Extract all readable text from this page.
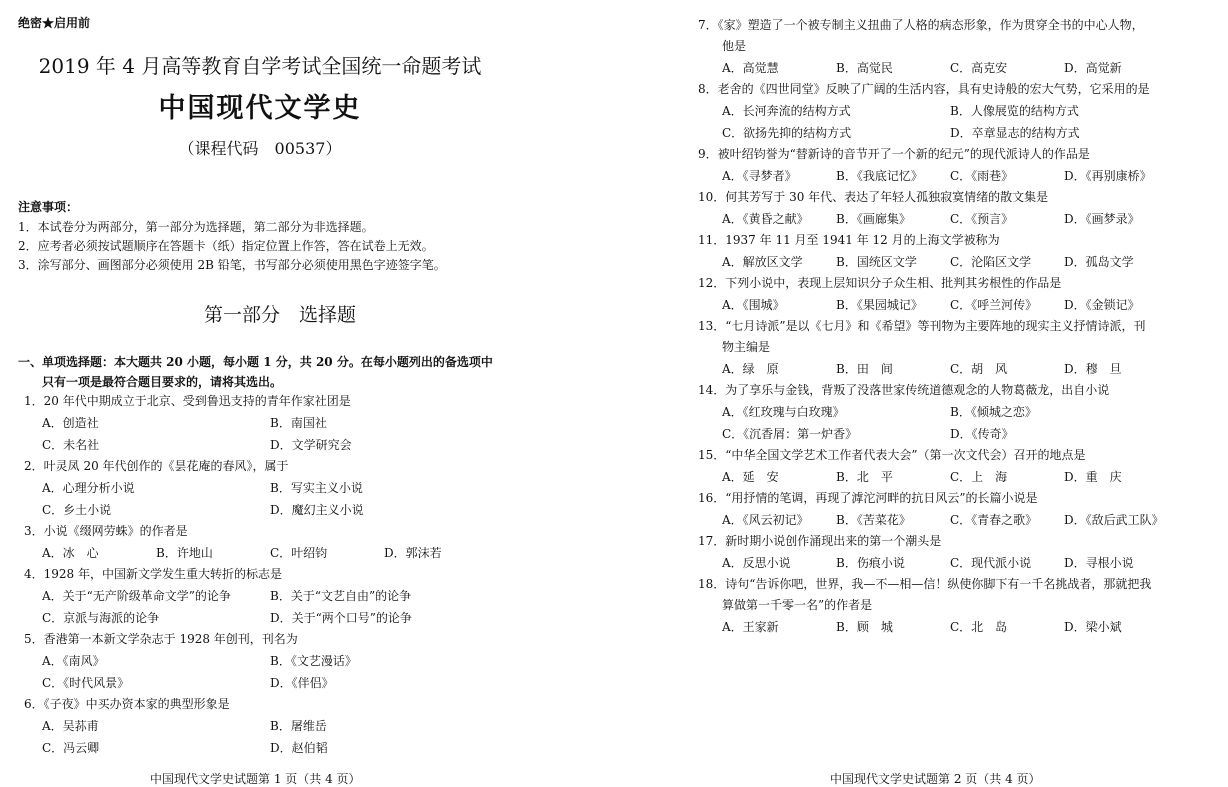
绝密★启用前
2019 年 4 月高等教育自学考试全国统一命题考试
中国现代文学史
（课程代码　00537）
注意事项：
1．本试卷分为两部分，第一部分为选择题，第二部分为非选择题。
2．应考者必须按试题顺序在答题卡（纸）指定位置上作答，答在试卷上无效。
3．涂写部分、画图部分必须使用 2B 铅笔，书写部分必须使用黑色字迹签字笔。
第一部分　选择题
一、单项选择题：本大题共 20 小题，每小题 1 分，共 20 分。在每小题列出的备选项中
只有一项是最符合题目要求的，请将其选出。
1．20 年代中期成立于北京、受到鲁迅支持的青年作家社团是
A．创造社	B．南国社
C．未名社	D．文学研究会
2．叶灵凤 20 年代创作的《昙花庵的春风》，属于
A．心理分析小说	B．写实主义小说
C．乡土小说	D．魔幻主义小说
3．小说《缀网劳蛛》的作者是
A．冰　心	B．许地山	C．叶绍钧	D．郭沫若
4．1928 年，中国新文学发生重大转折的标志是
A．关于“无产阶级革命文学”的论争	B．关于“文艺自由”的论争
C．京派与海派的论争	D．关于“两个口号”的论争
5．香港第一本新文学杂志于 1928 年创刊，刊名为
A．《南风》	B．《文艺漫话》
C．《时代风景》	D．《伴侣》
6．《子夜》中买办资本家的典型形象是
A．吴荪甫	B．屠维岳
C．冯云卿	D．赵伯韬
中国现代文学史试题第 1 页（共 4 页）
7．《家》塑造了一个被专制主义扭曲了人格的病态形象，作为贯穿全书的中心人物，
他是
A．高觉慧	B．高觉民	C．高克安	D．高觉新
8．老舍的《四世同堂》反映了广阔的生活内容，具有史诗般的宏大气势，它采用的是
A．长河奔流的结构方式	B．人像展览的结构方式
C．欲扬先抑的结构方式	D．卒章显志的结构方式
9．被叶绍钧誉为“替新诗的音节开了一个新的纪元”的现代派诗人的作品是
A．《寻梦者》	B．《我底记忆》 C．《雨巷》	D．《再别康桥》
10．何其芳写于 30 年代、表达了年轻人孤独寂寞情绪的散文集是
A．《黄昏之献》 B．《画廊集》	C．《预言》	D．《画梦录》
11．1937 年 11 月至 1941 年 12 月的上海文学被称为
A．解放区文学	B．国统区文学	C．沦陷区文学	D．孤岛文学
12．下列小说中，表现上层知识分子众生相、批判其劣根性的作品是
A．《围城》	B．《果园城记》 C．《呼兰河传》 D．《金锁记》
13．“七月诗派”是以《七月》和《希望》等刊物为主要阵地的现实主义抒情诗派，刊
物主编是
A．绿　原	B．田　间	C．胡　风	D．穆　旦
14．为了享乐与金钱，背叛了没落世家传统道德观念的人物葛薇龙，出自小说
A．《红玫瑰与白玫瑰》	B．《倾城之恋》
C．《沉香屑：第一炉香》	D．《传奇》
15．“中华全国文学艺术工作者代表大会”（第一次文代会）召开的地点是
A．延　安	B．北　平	C．上　海	D．重　庆
16．“用抒情的笔调，再现了滹沱河畔的抗日风云”的长篇小说是
A．《风云初记》 B．《苦菜花》	C．《青春之歌》 D．《敌后武工队》
17．新时期小说创作涌现出来的第一个潮头是
A．反思小说	B．伤痕小说	C．现代派小说	D．寻根小说
18．诗句“告诉你吧，世界，我—不—相—信！纵使你脚下有一千名挑战者，那就把我
算做第一千零一名”的作者是
A．王家新	B．顾　城	C．北　岛	D．梁小斌
中国现代文学史试题第 2 页（共 4 页）
